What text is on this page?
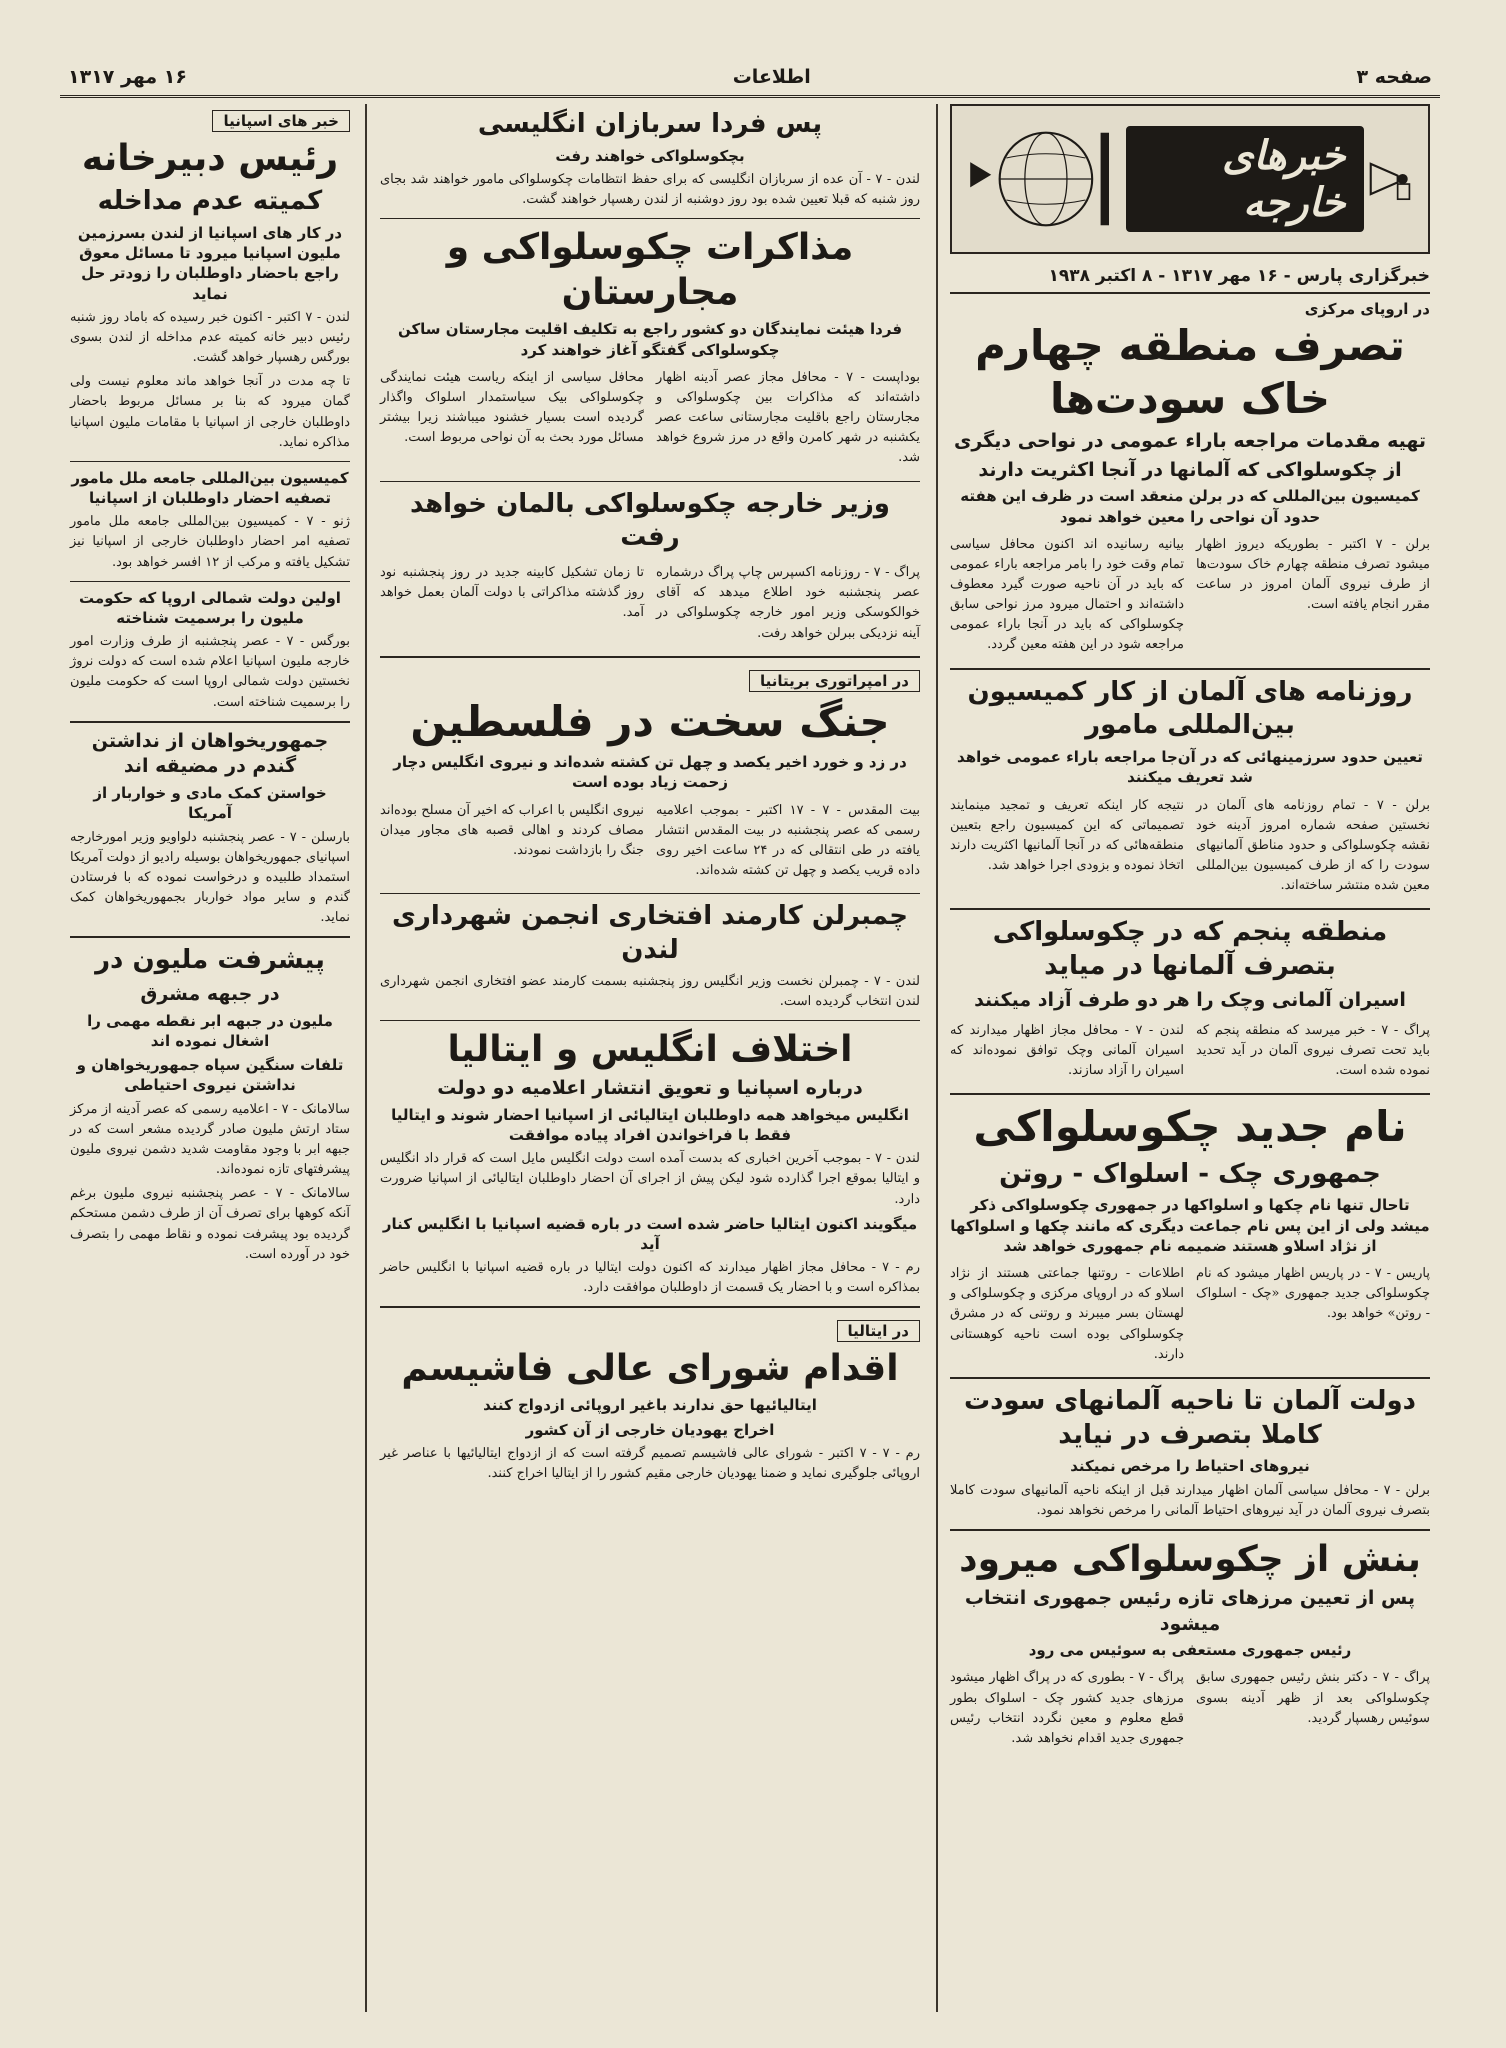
صفحه ۳
اطلاعات
۱۶ مهر ۱۳۱۷
خبرهای خارجه
خبرگزاری پارس - ۱۶ مهر ۱۳۱۷ - ۸ اکتبر ۱۹۳۸
در اروپای مرکزی
تصرف منطقه چهارم خاک سودت‌ها
تهیه مقدمات مراجعه باراء عمومی در نواحی دیگری
از چکوسلواکی که آلمانها در آنجا اکثریت دارند
کمیسیون بین‌المللی که در برلن منعقد است در ظرف این هفته حدود آن نواحی را معین خواهد نمود

برلن - ۷ اکتبر - بطوریکه دیروز اظهار میشود تصرف منطقه چهارم خاک سودت‌ها از طرف نیروی آلمان امروز در ساعت مقرر انجام یافته است.

بیانیه رسانیده اند اکنون محافل سیاسی تمام وقت خود را بامر مراجعه باراء عمومی که باید در آن ناحیه صورت گیرد معطوف داشته‌اند و احتمال میرود مرز نواحی سابق چکوسلواکی که باید در آنجا باراء عمومی مراجعه شود در این هفته معین گردد.

روزنامه های آلمان از کار کمیسیون بین‌المللی مامور
تعیین حدود سرزمینهائی که در آن‌جا مراجعه باراء عمومی خواهد شد تعریف میکنند

برلن - ۷ - تمام روزنامه های آلمان در نخستین صفحه شماره امروز آدینه خود نقشه چکوسلواکی و حدود مناطق آلمانیهای سودت را که از طرف کمیسیون بین‌المللی معین شده منتشر ساخته‌اند.

نتیجه کار اینکه تعریف و تمجید مینمایند تصمیماتی که این کمیسیون راجع بتعیین منطقه‌هائی که در آنجا آلمانیها اکثریت دارند اتخاذ نموده و بزودی اجرا خواهد شد.

منطقه پنجم که در چکوسلواکی بتصرف آلمانها در میاید
اسیران آلمانی وچک را هر دو طرف آزاد میکنند

پراگ - ۷ - خبر میرسد که منطقه پنجم که باید تحت تصرف نیروی آلمان در آید تحدید نموده شده است.

لندن - ۷ - محافل مجاز اظهار میدارند که اسیران آلمانی وچک توافق نموده‌اند که اسیران را آزاد سازند.

نام جدید چکوسلواکی
جمهوری چک - اسلواک - روتن
تاحال تنها نام چکها و اسلواکها در جمهوری چکوسلواکی ذکر میشد ولی از این پس نام جماعت دیگری که مانند چکها و اسلواکها از نژاد اسلاو هستند ضمیمه نام جمهوری خواهد شد

پاریس - ۷ - در پاریس اظهار میشود که نام چکوسلواکی جدید جمهوری «چک - اسلواک - روتن» خواهد بود.

اطلاعات - روتنها جماعتی هستند از نژاد اسلاو که در اروپای مرکزی و چکوسلواکی و لهستان بسر میبرند و روتنی که در مشرق چکوسلواکی بوده است ناحیه کوهستانی دارند.

دولت آلمان تا ناحیه آلمانهای سودت کاملا بتصرف در نیاید
نیروهای احتیاط را مرخص نمیکند

برلن - ۷ - محافل سیاسی آلمان اظهار میدارند قبل از اینکه ناحیه آلمانیهای سودت کاملا بتصرف نیروی آلمان در آید نیروهای احتیاط آلمانی را مرخص نخواهد نمود.

بنش از چکوسلواکی میرود
پس از تعیین مرزهای تازه رئیس جمهوری انتخاب میشود
رئیس جمهوری مستعفی به سوئیس می رود

پراگ - ۷ - دکتر بنش رئیس جمهوری سابق چکوسلواکی بعد از ظهر آدینه بسوی سوئیس رهسپار گردید.

پراگ - ۷ - بطوری که در پراگ اظهار میشود مرزهای جدید کشور چک - اسلواک بطور قطع معلوم و معین نگردد انتخاب رئیس جمهوری جدید اقدام نخواهد شد.

پس فردا سربازان انگلیسی
بچکوسلواکی خواهند رفت

لندن - ۷ - آن عده از سربازان انگلیسی که برای حفظ انتظامات چکوسلواکی مامور خواهند شد بجای روز شنبه که قبلا تعیین شده بود روز دوشنبه از لندن رهسپار خواهند گشت.

مذاکرات چکوسلواکی و مجارستان
فردا هیئت نمایندگان دو کشور راجع به تکلیف اقلیت مجارستان ساکن چکوسلواکی گفتگو آغاز خواهند کرد

بوداپست - ۷ - محافل مجاز عصر آدینه اظهار داشته‌اند که مذاکرات بین چکوسلواکی و مجارستان راجع باقلیت مجارستانی ساعت عصر یکشنبه در شهر کامرن واقع در مرز شروع خواهد شد.

محافل سیاسی از اینکه ریاست هیئت نمایندگی چکوسلواکی بیک سیاستمدار اسلواک واگذار گردیده است بسیار خشنود میباشند زیرا بیشتر مسائل مورد بحث به آن نواحی مربوط است.

وزیر خارجه چکوسلواکی بالمان خواهد رفت

پراگ - ۷ - روزنامه اکسپرس چاپ پراگ درشماره عصر پنجشنبه خود اطلاع میدهد که آقای خوالکوسکی وزیر امور خارجه چکوسلواکی در آینه نزدیکی ببرلن خواهد رفت.

تا زمان تشکیل کابینه جدید در روز پنجشنبه نود روز گذشته مذاکراتی با دولت آلمان بعمل خواهد آمد.

در امپراتوری بریتانیا
جنگ سخت در فلسطین
در زد و خورد اخیر یکصد و چهل تن کشته شده‌اند و نیروی انگلیس دچار زحمت زیاد بوده است

بیت المقدس - ۷ - ۱۷ اکتبر - بموجب اعلامیه رسمی که عصر پنجشنبه در بیت المقدس انتشار یافته در طی انتقالی که در ۲۴ ساعت اخیر روی داده قریب یکصد و چهل تن کشته شده‌اند.

نیروی انگلیس با اعراب که اخیر آن مسلح بوده‌اند مصاف کردند و اهالی قصبه های مجاور میدان جنگ را بازداشت نمودند.

چمبرلن کارمند افتخاری انجمن شهرداری لندن

لندن - ۷ - چمبرلن نخست وزیر انگلیس روز پنجشنبه بسمت کارمند عضو افتخاری انجمن شهرداری لندن انتخاب گردیده است.

اختلاف انگلیس و ایتالیا
درباره اسپانیا و تعویق انتشار اعلامیه دو دولت
انگلیس میخواهد همه داوطلبان ایتالیائی از اسپانیا احضار شوند و ایتالیا فقط با فراخواندن افراد پیاده موافقت

لندن - ۷ - بموجب آخرین اخباری که بدست آمده است دولت انگلیس مایل است که قرار داد انگلیس و ایتالیا بموقع اجرا گذارده شود لیکن پیش از اجرای آن احضار داوطلبان ایتالیائی از اسپانیا ضرورت دارد.

میگویند اکنون ایتالیا حاضر شده است در باره قضیه اسپانیا با انگلیس کنار آید

رم - ۷ - محافل مجاز اظهار میدارند که اکنون دولت ایتالیا در باره قضیه اسپانیا با انگلیس حاضر بمذاکره است و با احضار یک قسمت از داوطلبان موافقت دارد.

در ایتالیا
اقدام شورای عالی فاشیسم
ایتالیائیها حق ندارند باغیر اروپائی ازدواج کنند
اخراج یهودیان خارجی از آن کشور

رم - ۷ - ۷ اکتبر - شورای عالی فاشیسم تصمیم گرفته است که از ازدواج ایتالیائیها با عناصر غیر اروپائی جلوگیری نماید و ضمنا یهودیان خارجی مقیم کشور را از ایتالیا اخراج کنند.

خبر های اسپانیا
رئیس دبیرخانه
کمیته عدم مداخله
در کار های اسپانیا از لندن بسرزمین ملیون اسپانیا میرود تا مسائل معوق راجع باحضار داوطلبان را زودتر حل نماید

لندن - ۷ اکتبر - اکنون خبر رسیده که باماد روز شنبه رئیس دبیر خانه کمیته عدم مداخله از لندن بسوی بورگس رهسپار خواهد گشت.

تا چه مدت در آنجا خواهد ماند معلوم نیست ولی گمان میرود که بنا بر مسائل مربوط باحضار داوطلبان خارجی از اسپانیا با مقامات ملیون اسپانیا مذاکره نماید.

کمیسیون بین‌المللی جامعه ملل مامور تصفیه احضار داوطلبان از اسپانیا

ژنو - ۷ - کمیسیون بین‌المللی جامعه ملل مامور تصفیه امر احضار داوطلبان خارجی از اسپانیا نیز تشکیل یافته و مرکب از ۱۲ افسر خواهد بود.

اولین دولت شمالی اروپا که حکومت ملیون را برسمیت شناخته

بورگس - ۷ - عصر پنجشنبه از طرف وزارت امور خارجه ملیون اسپانیا اعلام شده است که دولت نروژ نخستین دولت شمالی اروپا است که حکومت ملیون را برسمیت شناخته است.

جمهوریخواهان از نداشتن گندم در مضیقه اند
خواستن کمک مادی و خواربار از آمریکا

بارسلن - ۷ - عصر پنجشنبه دلواویو وزیر امورخارجه اسپانیای جمهوریخواهان بوسیله رادیو از دولت آمریکا استمداد طلبیده و درخواست نموده که با فرستادن گندم و سایر مواد خواربار بجمهوریخواهان کمک نماید.

پیشرفت ملیون در
در جبهه مشرق
ملیون در جبهه ابر نقطه مهمی را اشغال نموده اند
تلفات سنگین سپاه جمهوریخواهان و نداشتن نیروی احتیاطی

سالامانک - ۷ - اعلامیه رسمی که عصر آدینه از مرکز ستاد ارتش ملیون صادر گردیده مشعر است که در جبهه ابر با وجود مقاومت شدید دشمن نیروی ملیون پیشرفتهای تازه نموده‌اند.

سالامانک - ۷ - عصر پنجشنبه نیروی ملیون برغم آنکه کوهها برای تصرف آن از طرف دشمن مستحکم گردیده بود پیشرفت نموده و نقاط مهمی را بتصرف خود در آورده است.
